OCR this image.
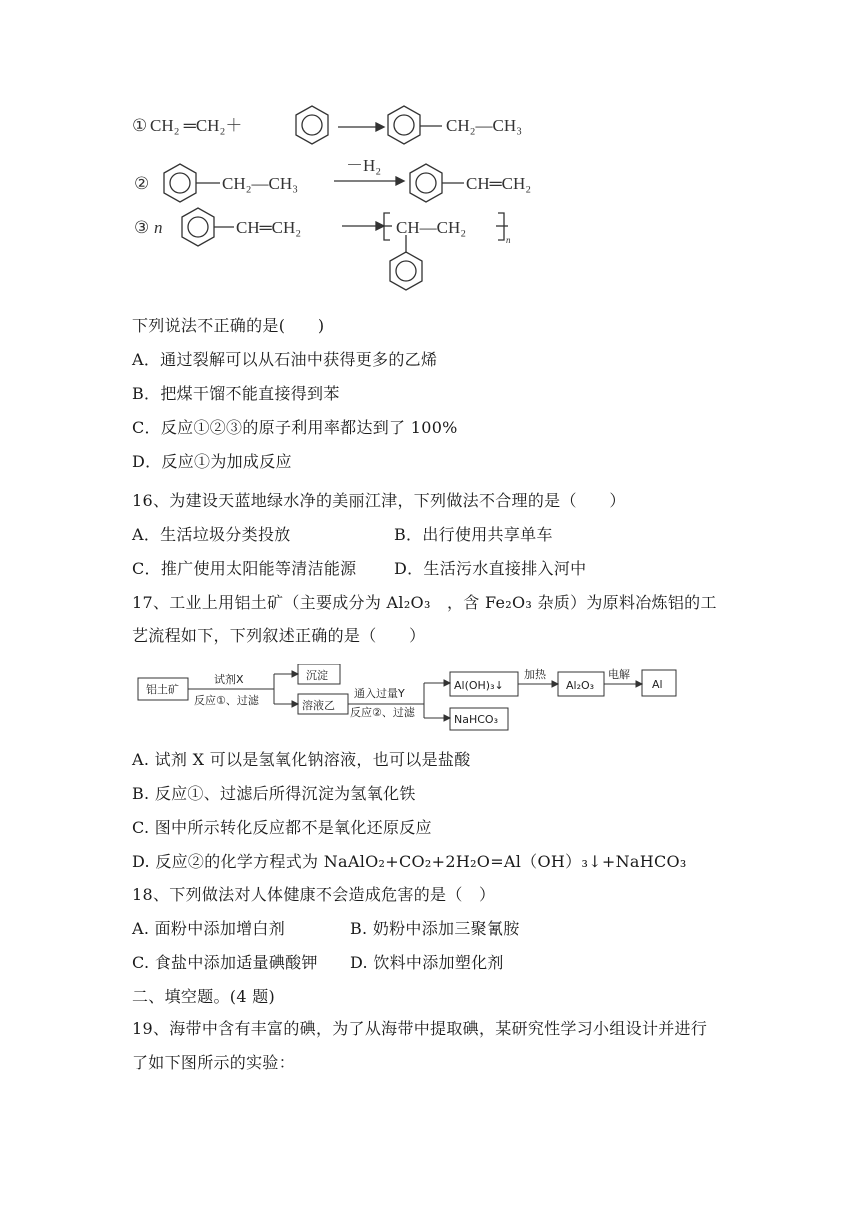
① CH₂ ═CH₂＋	CH₂—CH₃
②	CH₂—CH₃
－H₂
CH═CH₂
③ n	CH═CH₂	CH—CH₂
n
下列说法不正确的是(　　)
A．通过裂解可以从石油中获得更多的乙烯
B．把煤干馏不能直接得到苯
C．反应①②③的原子利用率都达到了 100%
D．反应①为加成反应
16、为建设天蓝地绿水净的美丽江津，下列做法不合理的是（　　）
A．生活垃圾分类投放	B．出行使用共享单车
C．推广使用太阳能等清洁能源 D．生活污水直接排入河中
17、工业上用铝土矿（主要成分为 Al₂O₃　，含 Fe₂O₃ 杂质）为原料冶炼铝的工
艺流程如下，下列叙述正确的是（　　）
铝土矿
试剂X
反应①、过滤
沉淀
溶液乙
通入过量Y
反应②、过滤
Al(OH)₃↓
加热
Al₂O₃
电解
Al
NaHCO₃
A. 试剂 X 可以是氢氧化钠溶液，也可以是盐酸
B. 反应①、过滤后所得沉淀为氢氧化铁
C. 图中所示转化反应都不是氧化还原反应
D. 反应②的化学方程式为 NaAlO₂+CO₂+2H₂O=Al（OH）₃↓+NaHCO₃
18、下列做法对人体健康不会造成危害的是（　）
A. 面粉中添加增白剂	B. 奶粉中添加三聚氰胺
C. 食盐中添加适量碘酸钾 D. 饮料中添加塑化剂
二、填空题。(4 题)
19、海带中含有丰富的碘，为了从海带中提取碘，某研究性学习小组设计并进行
了如下图所示的实验：
